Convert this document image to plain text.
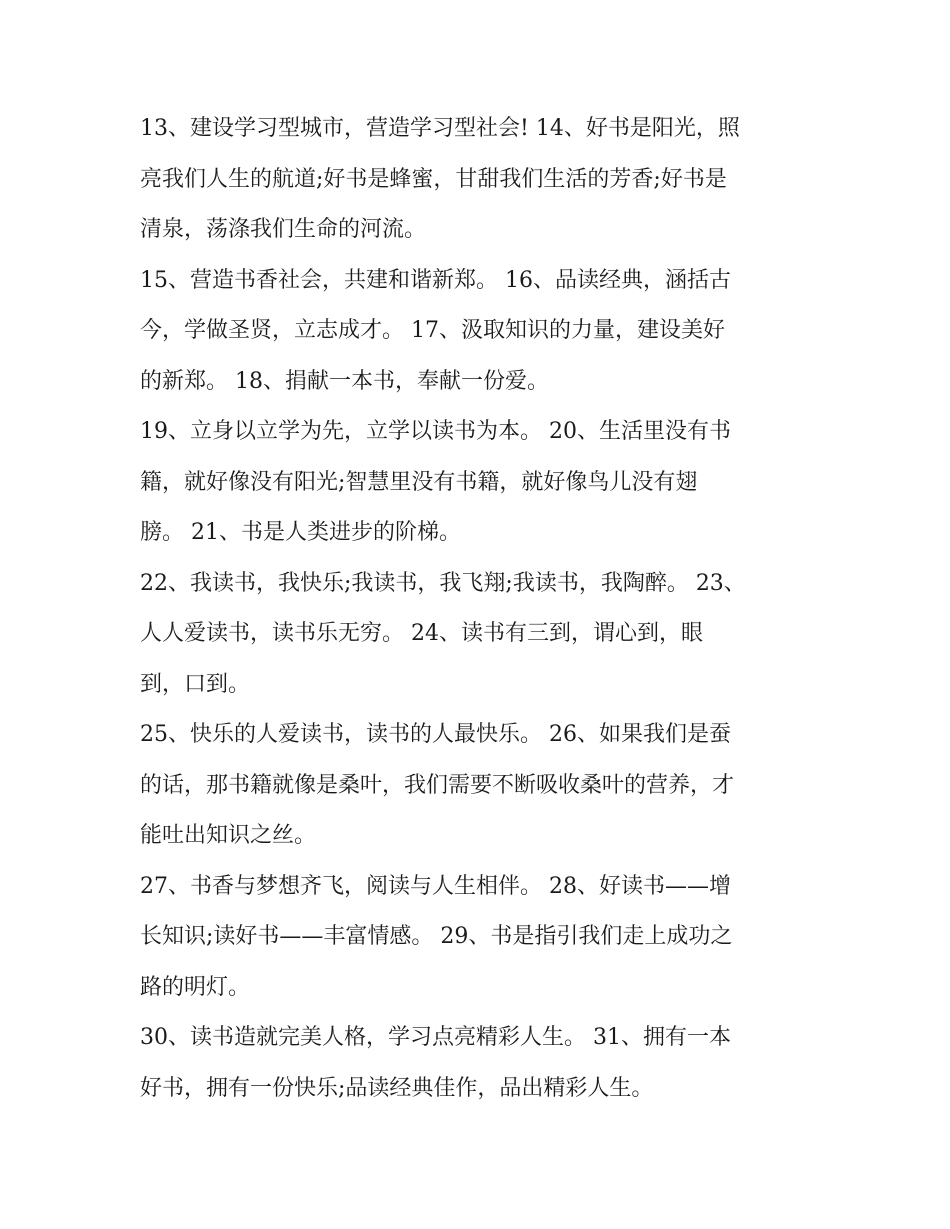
13、建设学习型城市，营造学习型社会! 14、好书是阳光，照
亮我们人生的航道;好书是蜂蜜，甘甜我们生活的芳香;好书是
清泉，荡涤我们生命的河流。

15、营造书香社会，共建和谐新郑。 16、品读经典，涵括古
今，学做圣贤，立志成才。 17、汲取知识的力量，建设美好
的新郑。 18、捐献一本书，奉献一份爱。

19、立身以立学为先，立学以读书为本。 20、生活里没有书
籍，就好像没有阳光;智慧里没有书籍，就好像鸟儿没有翅
膀。 21、书是人类进步的阶梯。

22、我读书，我快乐;我读书，我飞翔;我读书，我陶醉。 23、
人人爱读书，读书乐无穷。 24、读书有三到，谓心到，眼
到，口到。

25、快乐的人爱读书，读书的人最快乐。 26、如果我们是蚕
的话，那书籍就像是桑叶，我们需要不断吸收桑叶的营养，才
能吐出知识之丝。

27、书香与梦想齐飞，阅读与人生相伴。 28、好读书——增
长知识;读好书——丰富情感。 29、书是指引我们走上成功之
路的明灯。

30、读书造就完美人格，学习点亮精彩人生。 31、拥有一本
好书，拥有一份快乐;品读经典佳作，品出精彩人生。
